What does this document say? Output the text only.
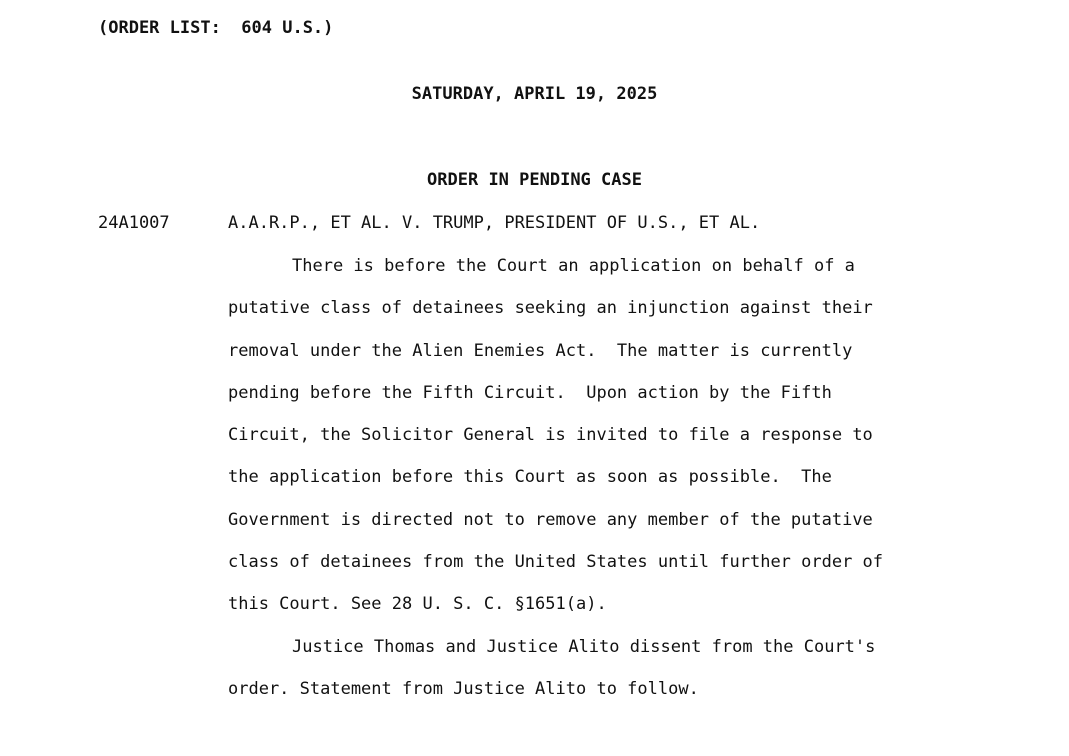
(ORDER LIST:  604 U.S.)
SATURDAY, APRIL 19, 2025
ORDER IN PENDING CASE
24A1007	A.A.R.P., ET AL. V. TRUMP, PRESIDENT OF U.S., ET AL.
There is before the Court an application on behalf of a
putative class of detainees seeking an injunction against their
removal under the Alien Enemies Act.  The matter is currently
pending before the Fifth Circuit.  Upon action by the Fifth
Circuit, the Solicitor General is invited to file a response to
the application before this Court as soon as possible.  The
Government is directed not to remove any member of the putative
class of detainees from the United States until further order of
this Court. See 28 U. S. C. §1651(a).
Justice Thomas and Justice Alito dissent from the Court's
order. Statement from Justice Alito to follow.
